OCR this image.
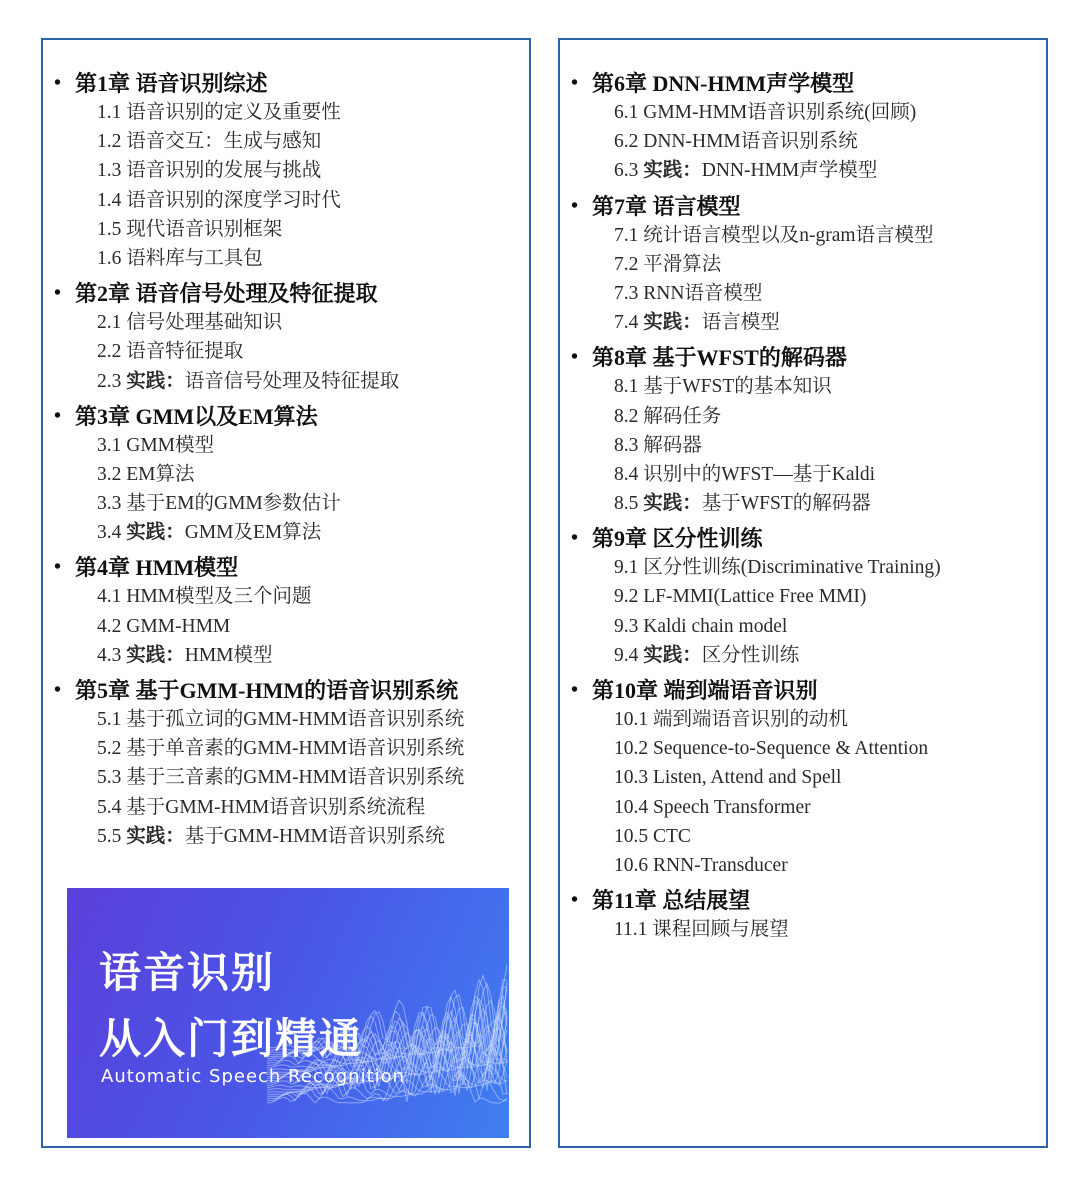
• 第1章 语音识别综述
1.1 语音识别的定义及重要性
1.2 语音交互：生成与感知
1.3 语音识别的发展与挑战
1.4 语音识别的深度学习时代
1.5 现代语音识别框架
1.6 语料库与工具包
• 第2章 语音信号处理及特征提取
2.1 信号处理基础知识
2.2 语音特征提取
2.3 实践：语音信号处理及特征提取
• 第3章 GMM以及EM算法
3.1 GMM模型
3.2 EM算法
3.3 基于EM的GMM参数估计
3.4 实践：GMM及EM算法
• 第4章 HMM模型
4.1 HMM模型及三个问题
4.2 GMM-HMM
4.3 实践：HMM模型
• 第5章 基于GMM-HMM的语音识别系统
5.1 基于孤立词的GMM-HMM语音识别系统
5.2 基于单音素的GMM-HMM语音识别系统
5.3 基于三音素的GMM-HMM语音识别系统
5.4 基于GMM-HMM语音识别系统流程
5.5 实践：基于GMM-HMM语音识别系统
语音识别
从入门到精通
Automatic Speech Recognition
• 第6章 DNN-HMM声学模型
6.1 GMM-HMM语音识别系统(回顾)
6.2 DNN-HMM语音识别系统
6.3 实践：DNN-HMM声学模型
• 第7章 语言模型
7.1 统计语言模型以及n-gram语言模型
7.2 平滑算法
7.3 RNN语音模型
7.4 实践：语言模型
• 第8章 基于WFST的解码器
8.1 基于WFST的基本知识
8.2 解码任务
8.3 解码器
8.4 识别中的WFST—基于Kaldi
8.5 实践：基于WFST的解码器
• 第9章 区分性训练
9.1 区分性训练(Discriminative Training)
9.2 LF-MMI(Lattice Free MMI)
9.3 Kaldi chain model
9.4 实践：区分性训练
• 第10章 端到端语音识别
10.1 端到端语音识别的动机
10.2 Sequence-to-Sequence & Attention
10.3 Listen, Attend and Spell
10.4 Speech Transformer
10.5 CTC
10.6 RNN-Transducer
• 第11章 总结展望
11.1 课程回顾与展望
